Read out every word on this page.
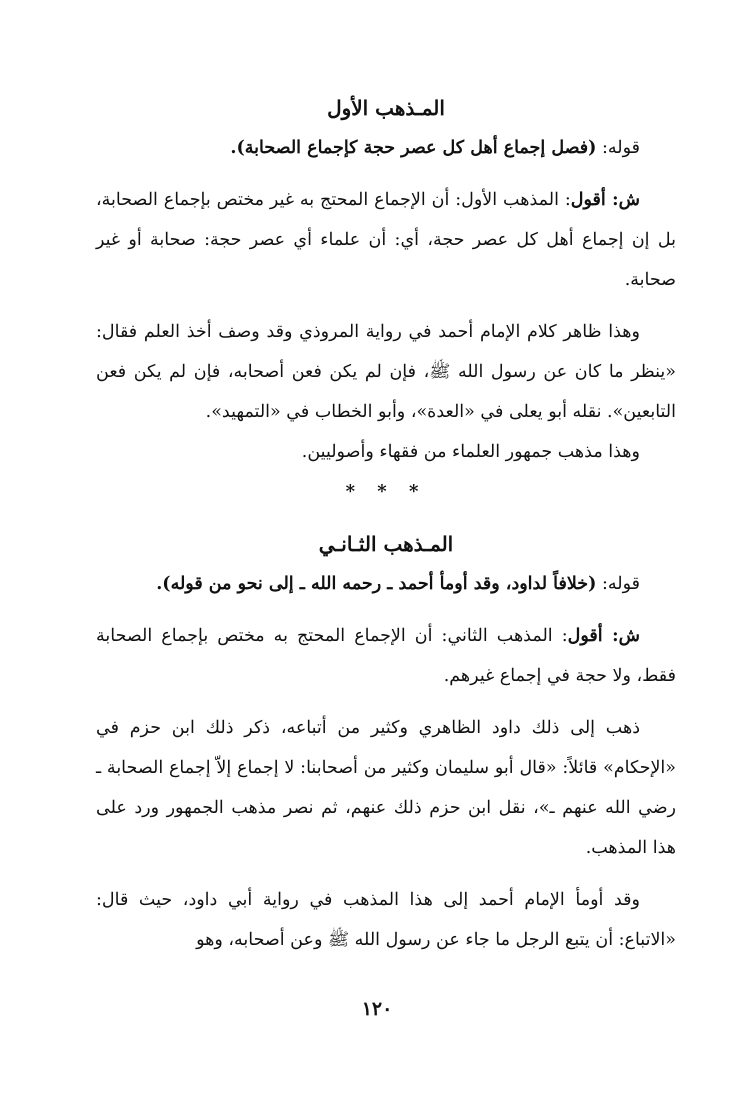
المـذهب الأول

قوله: (فصل إجماع أهل كل عصر حجة كإجماع الصحابة).

ش: أقول: المذهب الأول: أن الإجماع المحتج به غير مختص بإجماع الصحابة، بل إن إجماع أهل كل عصر حجة، أي: أن علماء أي عصر حجة: صحابة أو غير صحابة.

وهذا ظاهر كلام الإمام أحمد في رواية المروذي وقد وصف أخذ العلم فقال: «ينظر ما كان عن رسول الله ﷺ، فإن لم يكن فعن أصحابه، فإن لم يكن فعن التابعين». نقله أبو يعلى في «العدة»، وأبو الخطاب في «التمهيد».

وهذا مذهب جمهور العلماء من فقهاء وأصوليين.

* * *

المـذهب الثـانـي

قوله: (خلافاً لداود، وقد أومأ أحمد ـ رحمه الله ـ إلى نحو من قوله).

ش: أقول: المذهب الثاني: أن الإجماع المحتج به مختص بإجماع الصحابة فقط، ولا حجة في إجماع غيرهم.

ذهب إلى ذلك داود الظاهري وكثير من أتباعه، ذكر ذلك ابن حزم في «الإحكام» قائلاً: «قال أبو سليمان وكثير من أصحابنا: لا إجماع إلاّ إجماع الصحابة ـ رضي الله عنهم ـ»، نقل ابن حزم ذلك عنهم، ثم نصر مذهب الجمهور ورد على هذا المذهب.

وقد أومأ الإمام أحمد إلى هذا المذهب في رواية أبي داود، حيث قال: «الاتباع: أن يتبع الرجل ما جاء عن رسول الله ﷺ وعن أصحابه، وهو

١٢٠
